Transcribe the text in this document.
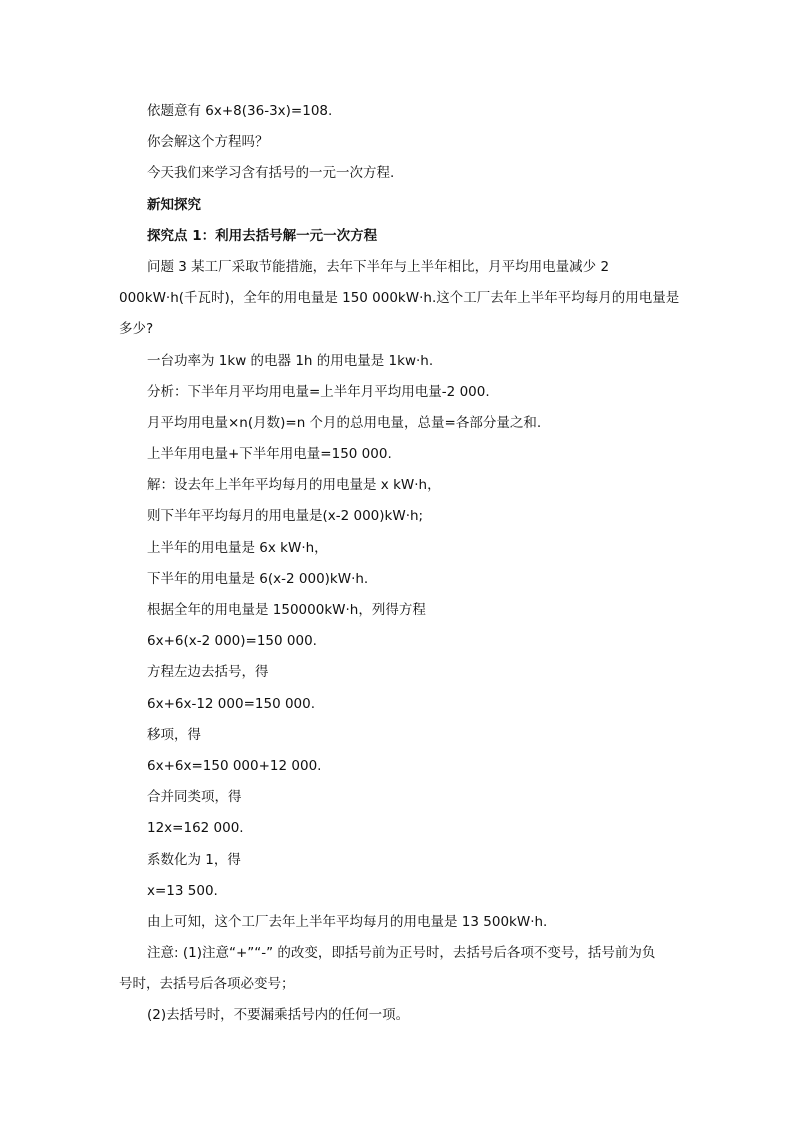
依题意有 6x+8(36-3x)=108.
你会解这个方程吗？
今天我们来学习含有括号的一元一次方程.
新知探究
探究点 1：利用去括号解一元一次方程
问题 3 某工厂采取节能措施，去年下半年与上半年相比，月平均用电量减少 2
000kW·h(千瓦时)，全年的用电量是 150 000kW·h.这个工厂去年上半年平均每月的用电量是
多少?
一台功率为 1kw 的电器 1h 的用电量是 1kw·h.
分析：下半年月平均用电量=上半年月平均用电量-2 000.
月平均用电量×n(月数)=n 个月的总用电量，总量=各部分量之和.
上半年用电量+下半年用电量=150 000.
解：设去年上半年平均每月的用电量是 x kW·h，
则下半年平均每月的用电量是(x-2 000)kW·h;
上半年的用电量是 6x kW·h，
下半年的用电量是 6(x-2 000)kW·h.
根据全年的用电量是 150000kW·h，列得方程
6x+6(x-2 000)=150 000.
方程左边去括号，得
6x+6x-12 000=150 000.
移项，得
6x+6x=150 000+12 000.
合并同类项，得
12x=162 000.
系数化为 1，得
x=13 500.
由上可知，这个工厂去年上半年平均每月的用电量是 13 500kW·h.
注意: (1)注意“+”“-” 的改变，即括号前为正号时，去括号后各项不变号，括号前为负
号时，去括号后各项必变号；
(2)去括号时，不要漏乘括号内的任何一项。
